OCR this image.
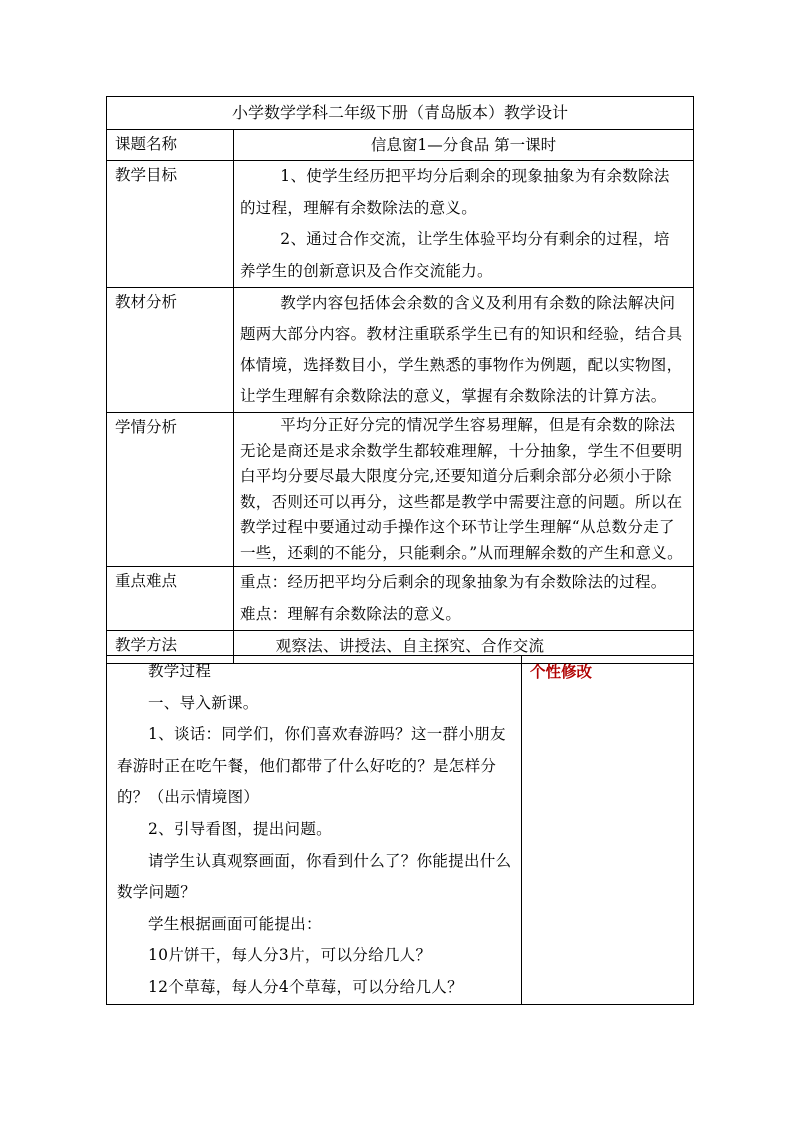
小学数学学科二年级下册（青岛版本）教学设计	
课题名称	信息窗1—分食品 第一课时
教学目标	1、使学生经历把平均分后剩余的现象抽象为有余数除法的过程，理解有余数除法的意义。

2、通过合作交流，让学生体验平均分有剩余的过程，培养学生的创新意识及合作交流能力。

教材分析	教学内容包括体会余数的含义及利用有余数的除法解决问题两大部分内容。教材注重联系学生已有的知识和经验，结合具体情境，选择数目小，学生熟悉的事物作为例题，配以实物图，让学生理解有余数除法的意义，掌握有余数除法的计算方法。

学情分析	平均分正好分完的情况学生容易理解，但是有余数的除法无论是商还是求余数学生都较难理解，十分抽象，学生不但要明白平均分要尽最大限度分完,还要知道分后剩余部分必须小于除数，否则还可以再分，这些都是教学中需要注意的问题。所以在教学过程中要通过动手操作这个环节让学生理解“从总数分走了一些，还剩的不能分，只能剩余。”从而理解余数的产生和意义。

重点难点	重点：经历把平均分后剩余的现象抽象为有余数除法的过程。

难点：理解有余数除法的意义。

教学方法	观察法、讲授法、自主探究、合作交流

教学过程

一、导入新课。

1、谈话：同学们，你们喜欢春游吗？这一群小朋友春游时正在吃午餐，他们都带了什么好吃的？是怎样分的？（出示情境图）

2、引导看图，提出问题。

请学生认真观察画面，你看到什么了？你能提出什么数学问题？

学生根据画面可能提出：

10片饼干，每人分3片，可以分给几人？

12个草莓，每人分4个草莓，可以分给几人？

个性修改
